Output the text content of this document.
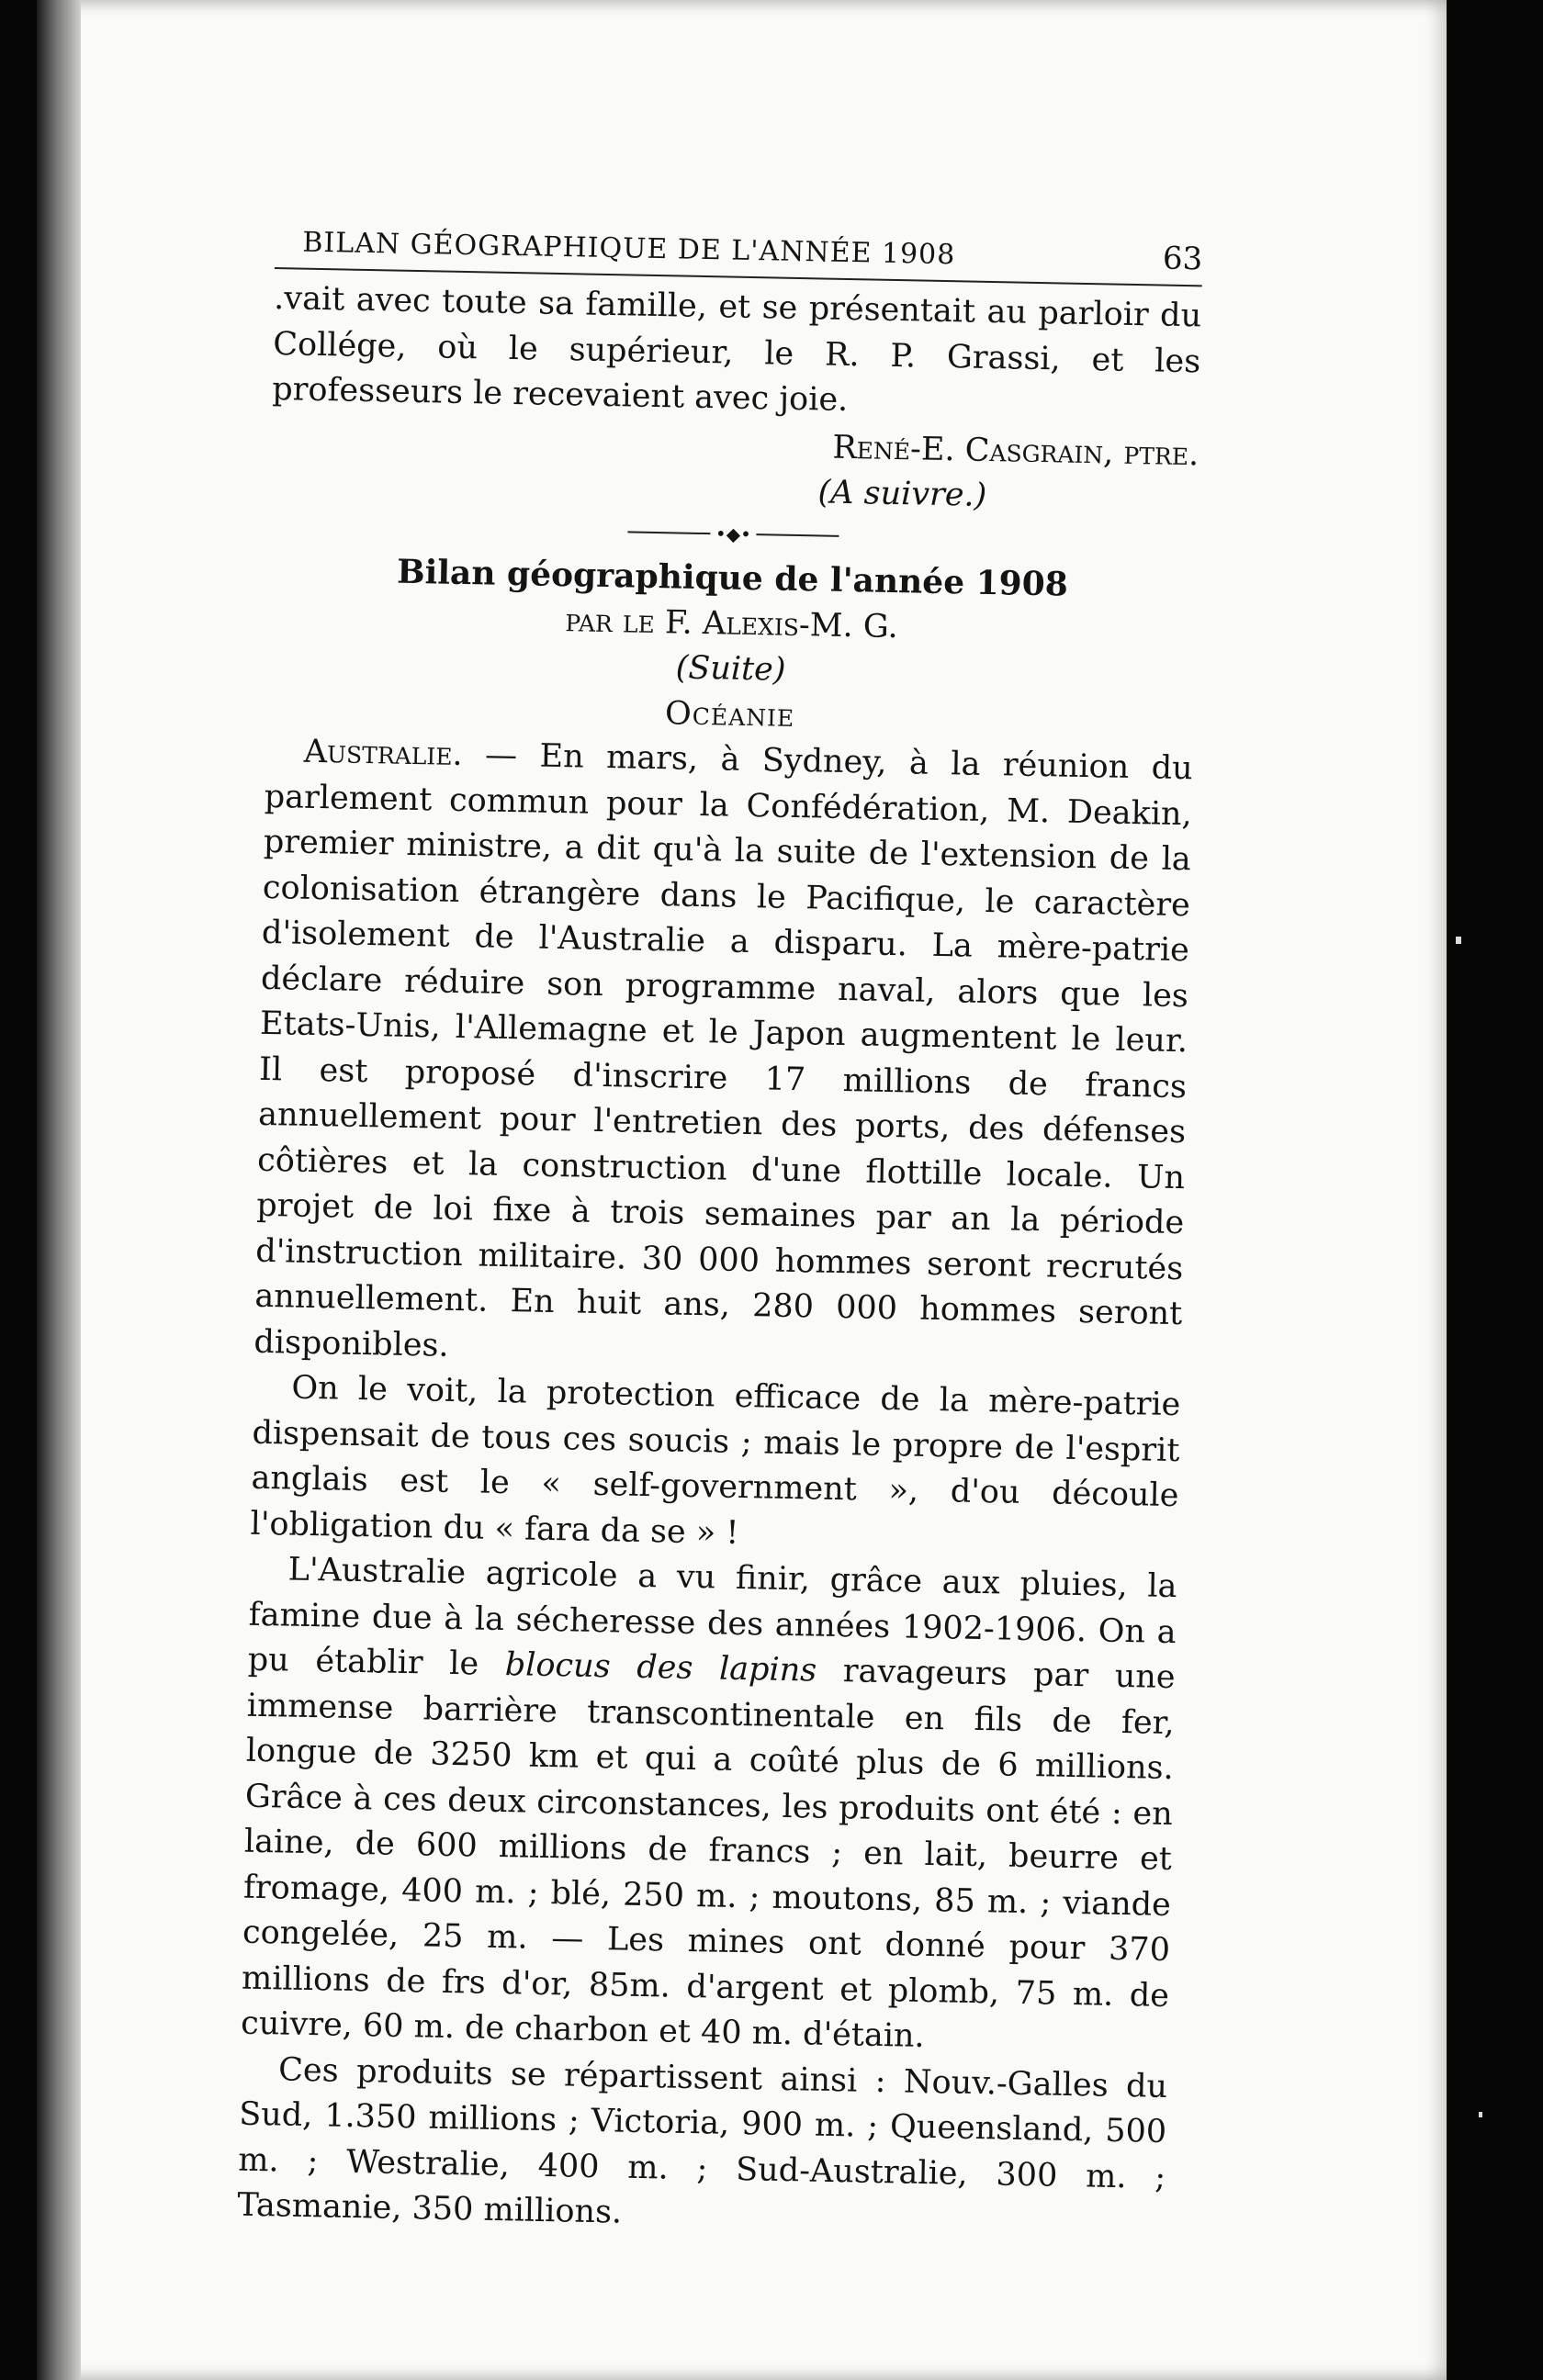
BILAN GÉOGRAPHIQUE DE L'ANNÉE 1908	63

.vait avec toute sa famille, et se présentait au parloir du Collége, où le supérieur, le R. P. Grassi, et les professeurs le recevaient avec joie.

René-E. Casgrain, ptre.

(A suivre.)

•◆•

Bilan géographique de l'année 1908

par le F. Alexis-M. G.

(Suite)

Océanie

Australie. — En mars, à Sydney, à la réunion du parlement commun pour la Confédération, M. Deakin, premier ministre, a dit qu'à la suite de l'extension de la colonisation étrangère dans le Pacifique, le caractère d'isolement de l'Australie a disparu. La mère-patrie déclare réduire son programme naval, alors que les Etats-Unis, l'Allemagne et le Japon augmentent le leur. Il est proposé d'inscrire 17 millions de francs annuellement pour l'entretien des ports, des défenses côtières et la construction d'une flottille locale. Un projet de loi fixe à trois semaines par an la période d'instruction militaire. 30 000 hommes seront recrutés annuellement. En huit ans, 280 000 hommes seront disponibles.

On le voit, la protection efficace de la mère-patrie dispensait de tous ces soucis ; mais le propre de l'esprit anglais est le « self-government », d'ou découle l'obligation du « fara da se » !

L'Australie agricole a vu finir, grâce aux pluies, la famine due à la sécheresse des années 1902-1906. On a pu établir le blocus des lapins ravageurs par une immense barrière transcontinentale en fils de fer, longue de 3250 km et qui a coûté plus de 6 millions. Grâce à ces deux circonstances, les produits ont été : en laine, de 600 millions de francs ; en lait, beurre et fromage, 400 m. ; blé, 250 m. ; moutons, 85 m. ; viande congelée, 25 m. — Les mines ont donné pour 370 millions de frs d'or, 85m. d'argent et plomb, 75 m. de cuivre, 60 m. de charbon et 40 m. d'étain.

Ces produits se répartissent ainsi : Nouv.-Galles du Sud, 1.350 millions ; Victoria, 900 m. ; Queensland, 500 m. ; Westralie, 400 m. ; Sud-Australie, 300 m. ; Tasmanie, 350 millions.
